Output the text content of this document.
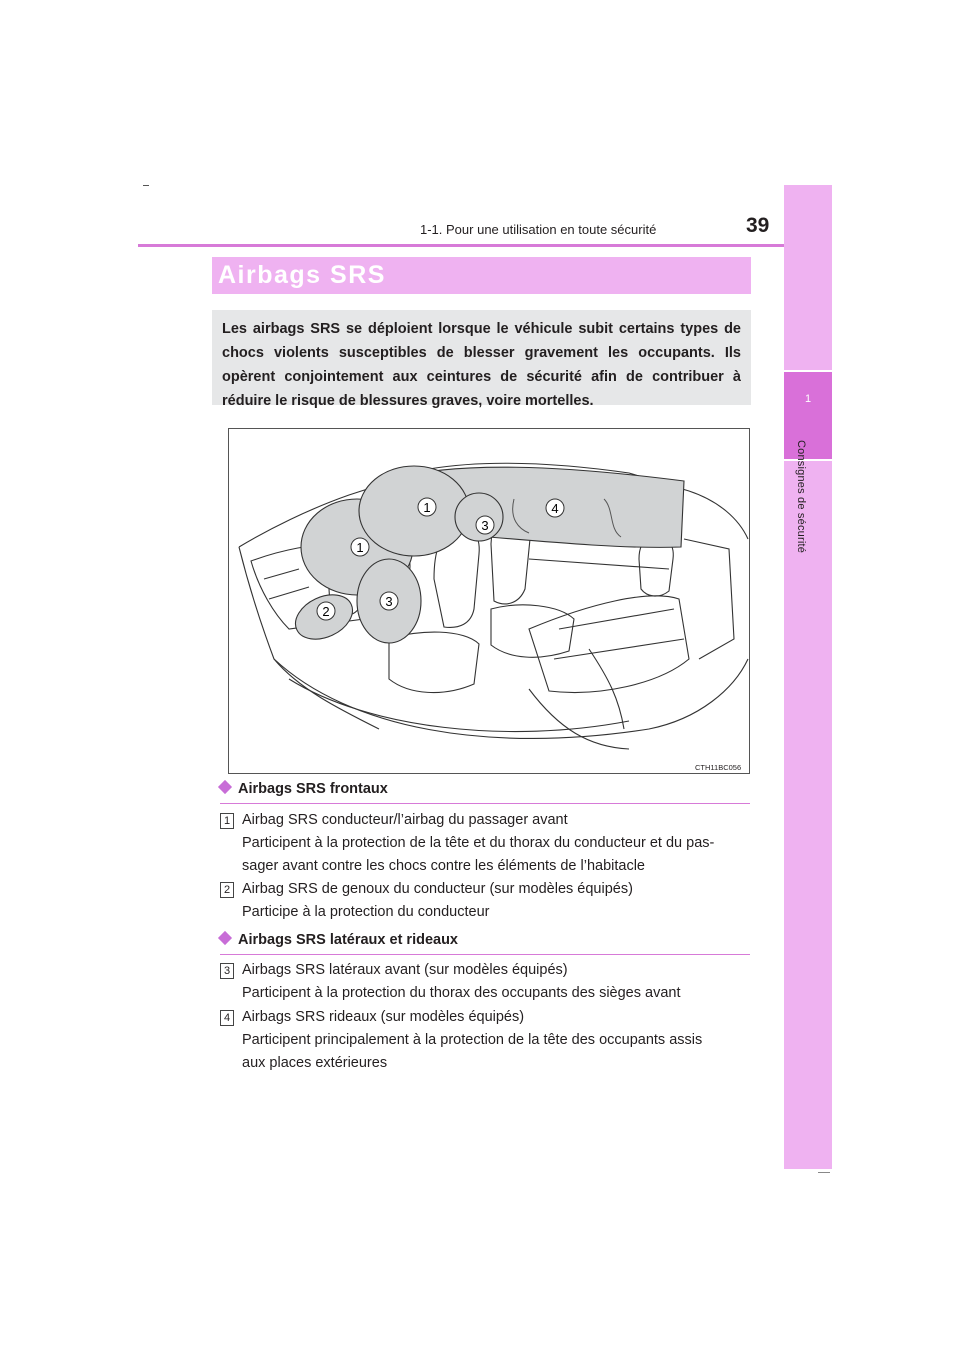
1-1. Pour une utilisation en toute sécurité	39
1
Consignes de sécurité
Airbags SRS
Les airbags SRS se déploient lorsque le véhicule subit certains types de chocs violents susceptibles de blesser gravement les occupants. Ils opèrent conjointement aux ceintures de sécurité afin de contribuer à réduire le risque de blessures graves, voire mortelles.
1
1
2
3
3
4
CTH11BC056
Airbags SRS frontaux
1 Airbag SRS conducteur/l’airbag du passager avant
Participent à la protection de la tête et du thorax du conducteur et du pas-
sager avant contre les chocs contre les éléments de l’habitacle
2 Airbag SRS de genoux du conducteur (sur modèles équipés)
Participe à la protection du conducteur
Airbags SRS latéraux et rideaux
3 Airbags SRS latéraux avant (sur modèles équipés)
Participent à la protection du thorax des occupants des sièges avant
4 Airbags SRS rideaux (sur modèles équipés)
Participent principalement à la protection de la tête des occupants assis
aux places extérieures
